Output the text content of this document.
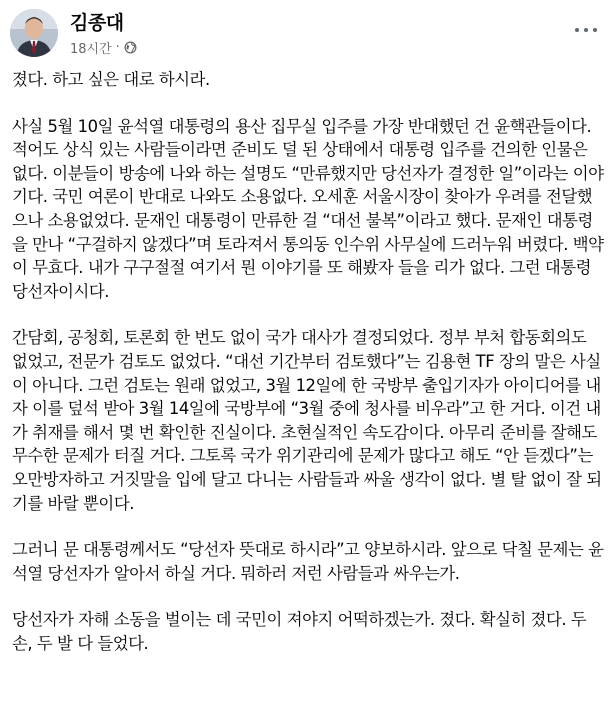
김종대
18시간 ·

졌다. 하고 싶은 대로 하시라.

사실 5월 10일 윤석열 대통령의 용산 집무실 입주를 가장 반대했던 건 윤핵관들이다. 적어도 상식 있는 사람들이라면 준비도 덜 된 상태에서 대통령 입주를 건의한 인물은 없다. 이분들이 방송에 나와 하는 설명도 “만류했지만 당선자가 결정한 일”이라는 이야기다. 국민 여론이 반대로 나와도 소용없다. 오세훈 서울시장이 찾아가 우려를 전달했으나 소용없었다. 문재인 대통령이 만류한 걸 “대선 불복”이라고 했다. 문재인 대통령을 만나 “구걸하지 않겠다”며 토라져서 통의동 인수위 사무실에 드러누워 버렸다. 백약이 무효다. 내가 구구절절 여기서 뭔 이야기를 또 해봤자 들을 리가 없다. 그런 대통령 당선자이시다.

간담회, 공청회, 토론회 한 번도 없이 국가 대사가 결정되었다. 정부 부처 합동회의도 없었고, 전문가 검토도 없었다. “대선 기간부터 검토했다”는 김용현 TF 장의 말은 사실이 아니다. 그런 검토는 원래 없었고, 3월 12일에 한 국방부 출입기자가 아이디어를 내자 이를 덮석 받아 3월 14일에 국방부에 “3월 중에 청사를 비우라”고 한 거다. 이건 내가 취재를 해서 몇 번 확인한 진실이다. 초현실적인 속도감이다. 아무리 준비를 잘해도 무수한 문제가 터질 거다. 그토록 국가 위기관리에 문제가 많다고 해도 “안 듣겠다”는 오만방자하고 거짓말을 입에 달고 다니는 사람들과 싸울 생각이 없다. 별 탈 없이 잘 되기를 바랄 뿐이다.

그러니 문 대통령께서도 “당선자 뜻대로 하시라”고 양보하시라. 앞으로 닥칠 문제는 윤석열 당선자가 알아서 하실 거다. 뭐하러 저런 사람들과 싸우는가.

당선자가 자해 소동을 벌이는 데 국민이 져야지 어떡하겠는가. 졌다. 확실히 졌다. 두 손, 두 발 다 들었다.
